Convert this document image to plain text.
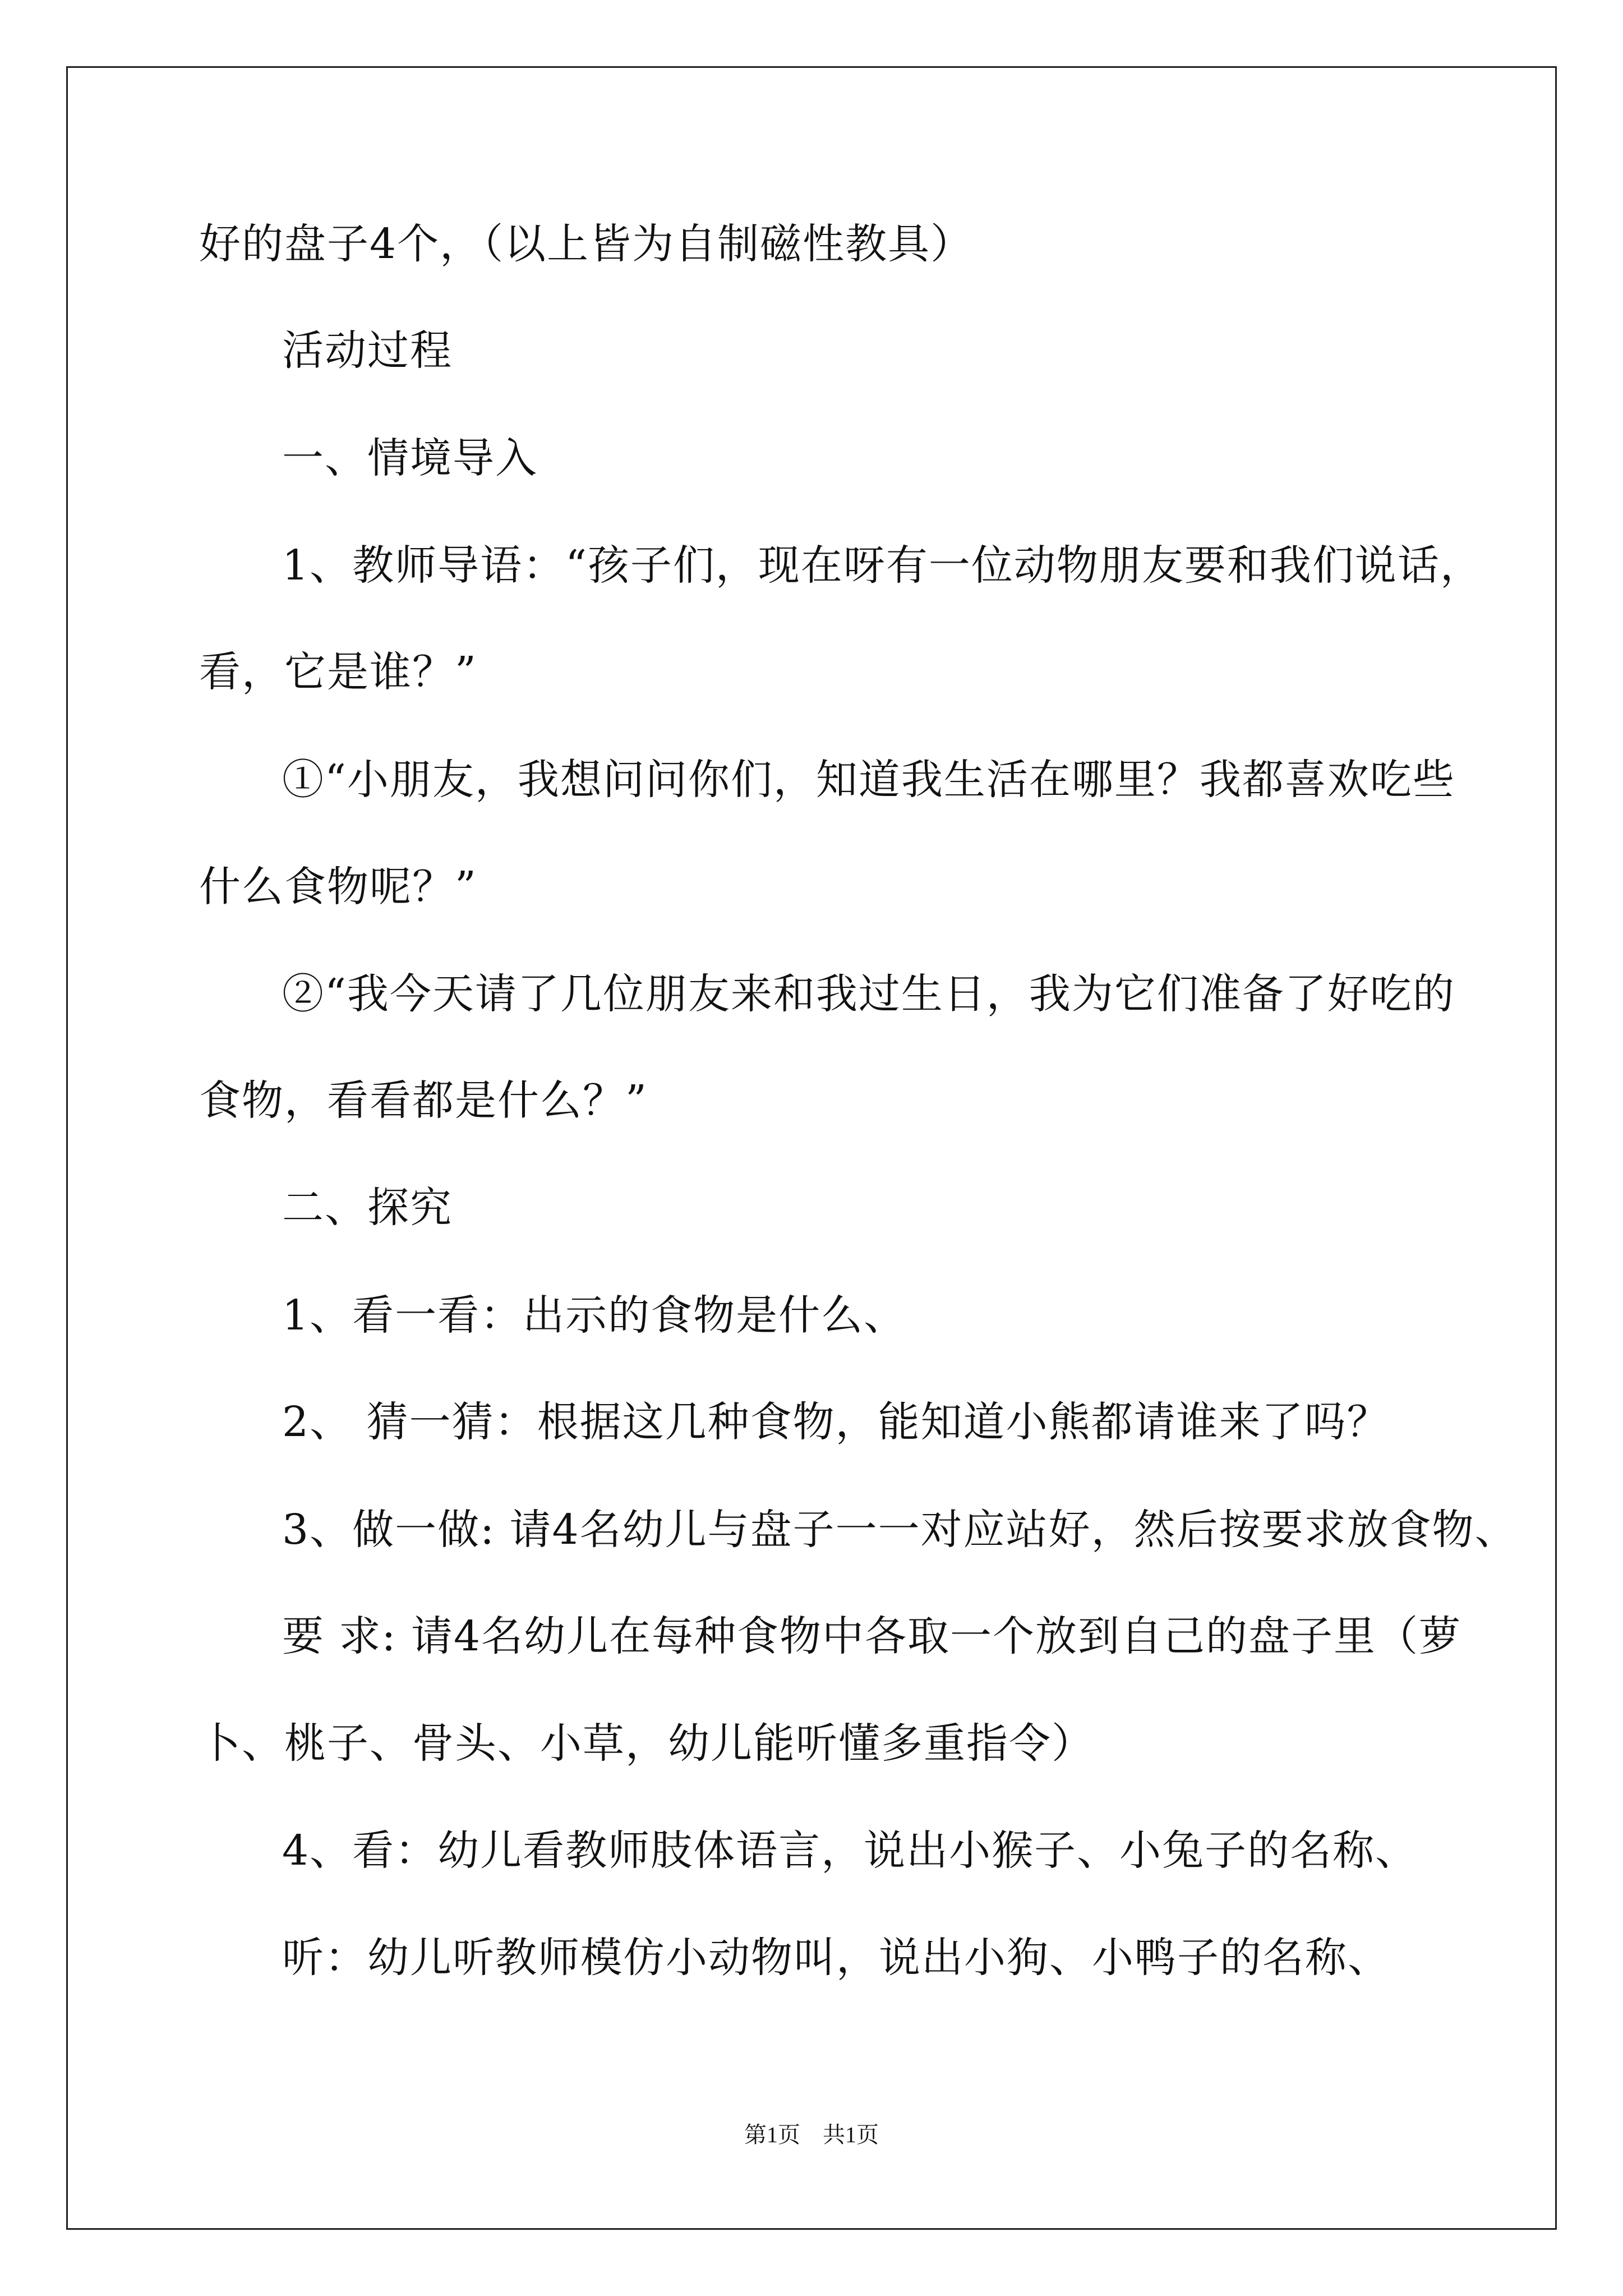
好的盘子4个，（以上皆为自制磁性教具）
活动过程
一、情境导入
1、教师导语：“孩子们，现在呀有一位动物朋友要和我们说话，
看，它是谁？”
①“小朋友，我想问问你们，知道我生活在哪里？我都喜欢吃些
什么食物呢？”
②“我今天请了几位朋友来和我过生日，我为它们准备了好吃的
食物，看看都是什么？”
二、探究
1、看一看：出示的食物是什么、
2、 猜一猜：根据这几种食物，能知道小熊都请谁来了吗？
3、做一做: 请4名幼儿与盘子一一对应站好，然后按要求放食物、
要 求: 请4名幼儿在每种食物中各取一个放到自己的盘子里（萝
卜、桃子、骨头、小草，幼儿能听懂多重指令）
4、看：幼儿看教师肢体语言，说出小猴子、小兔子的名称、
听：幼儿听教师模仿小动物叫，说出小狗、小鸭子的名称、
第1页 共1页
